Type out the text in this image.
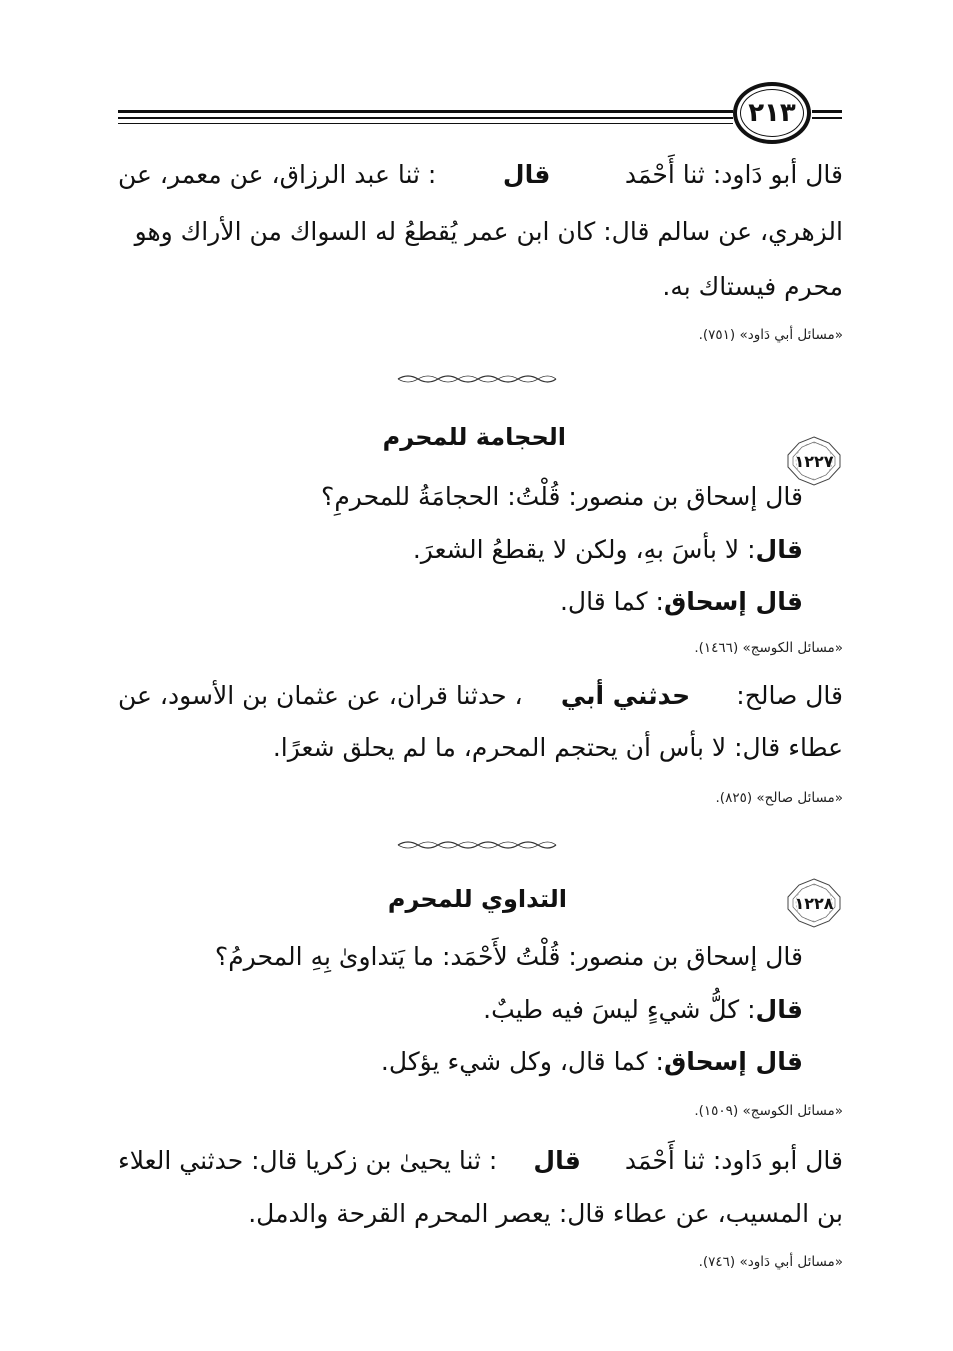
٢١٣
قال أبو دَاود: ثنا أَحْمَد
قال
: ثنا عبد الرزاق، عن معمر، عن
الزهري، عن سالم قال: كان ابن عمر يُقطعُ له السواك من الأراك وهو
محرم فيستاك به.
«مسائل أبي دَاود» (٧٥١).
١٢٢٧
الحجامة للمحرم
قال إسحاق بن منصور: قُلْتُ: الحجامَةُ للمحرمِ؟
قال: لا بأسَ بهِ، ولكن لا يقطعُ الشعرَ.
قال إسحاق: كما قال.
«مسائل الكوسج» (١٤٦٦).
قال صالح:
حدثني أبي
، حدثنا قران، عن عثمان بن الأسود، عن
عطاء قال: لا بأس أن يحتجم المحرم، ما لم يحلق شعرًا.
«مسائل صالح» (٨٢٥).
١٢٢٨
التداوي للمحرم
قال إسحاق بن منصور: قُلْتُ لأَحْمَد: ما يَتداوىٰ بِهِ المحرمُ؟
قال: كلُّ شيءٍ ليسَ فيه طيبٌ.
قال إسحاق: كما قال، وكل شيء يؤكل.
«مسائل الكوسج» (١٥٠٩).
قال أبو دَاود: ثنا أَحْمَد
قال
: ثنا يحيىٰ بن زكريا قال: حدثني العلاء
بن المسيب، عن عطاء قال: يعصر المحرم القرحة والدمل.
«مسائل أبي دَاود» (٧٤٦).
